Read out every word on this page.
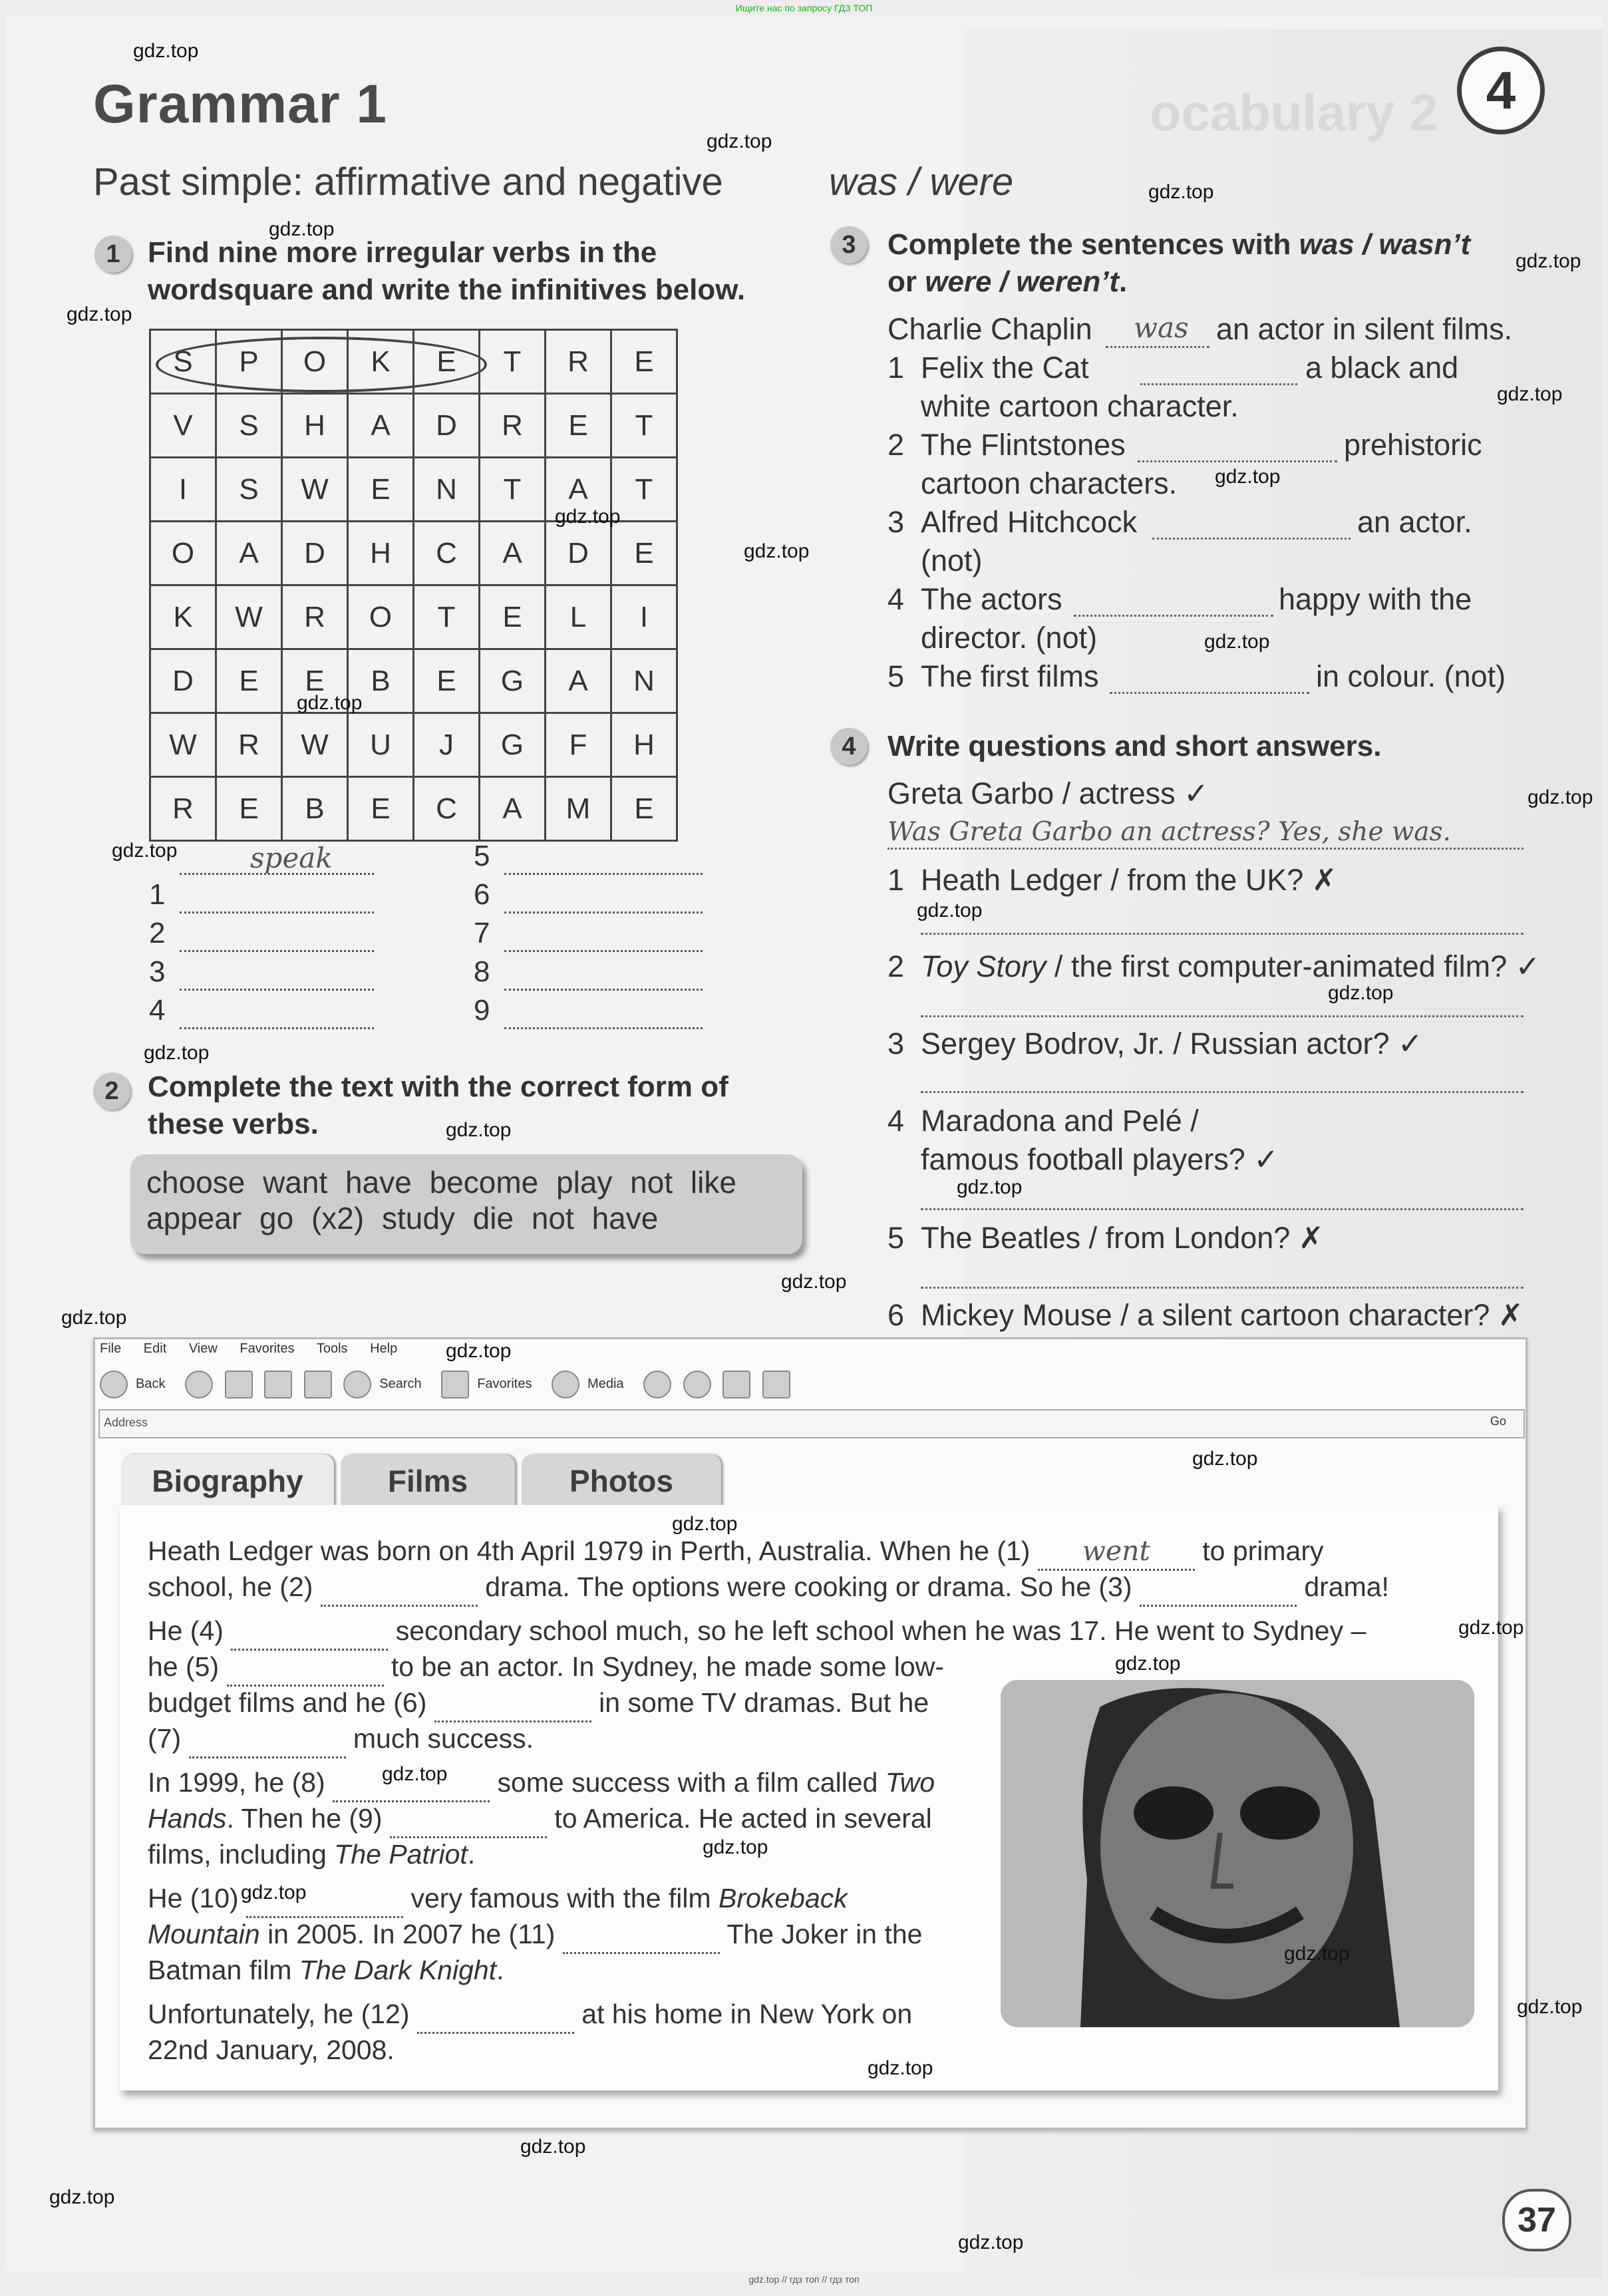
Ищите нас по запросу ГДЗ ТОП
ocabulary 2
Grammar 1	4
Past simple: affirmative and negative	was / were
1 Find nine more irregular verbs in the
wordsquare and write the infinitives below.
S	P	O	K	E	T	R	E
V	S	H	A	D	R	E	T
I	S	W	E	N	T	A	T
O	A	D	H	C	A	D	E
K	W	R	O	T	E	L	I
D	E	E	B	E	G	A	N
W	R	W	U	J	G	F	H
R	E	B	E	C	A	M	E
speak
1
2
3
4
5
6
7
8
9
2 Complete the text with the correct form of
these verbs.
choose want have become play not like
appear go (x2) study die not have
3	Complete the sentences with was / wasn’t
or were / weren’t.
Charlie Chaplin was an actor in silent films.
1 Felix the Cat	a black and
white cartoon character.
2 The Flintstones	prehistoric
cartoon characters.
3 Alfred Hitchcock	an actor.
(not)
4 The actors	happy with the
director. (not)
5 The first films	in colour. (not)
4	Write questions and short answers.
Greta Garbo / actress ✓
Was Greta Garbo an actress? Yes, she was.
1 Heath Ledger / from the UK? ✗
2 Toy Story / the first computer-animated film? ✓
3 Sergey Bodrov, Jr. / Russian actor? ✓
4 Maradona and Pelé /
famous football players? ✓
5 The Beatles / from London? ✗
6 Mickey Mouse / a silent cartoon character? ✗
File Edit View Favorites Tools Help
Back	Search	Favorites	Media
Address	Go
Biography	Films	Photos
Heath Ledger was born on 4th April 1979 in Perth, Australia. When he (1) went to primary
school, he (2)	drama. The options were cooking or drama. So he (3)	drama!
He (4)	secondary school much, so he left school when he was 17. He went to Sydney –
he (5)	to be an actor. In Sydney, he made some low-
budget films and he (6)	in some TV dramas. But he
(7)	much success.
In 1999, he (8)	some success with a film called Two
Hands. Then he (9)	to America. He acted in several
films, including The Patriot.
He (10)	very famous with the film Brokeback
Mountain in 2005. In 2007 he (11)	The Joker in the
Batman film The Dark Knight.
Unfortunately, he (12)	at his home in New York on
22nd January, 2008.
37
gdz.top
gdz.top
gdz.top
gdz.top
gdz.top
gdz.top
gdz.top
gdz.top
gdz.top
gdz.top
gdz.top
gdz.top
gdz.top
gdz.top
gdz.top
gdz.top
gdz.top
gdz.top
gdz.top
gdz.top
gdz.top
gdz.top
gdz.top
gdz.top
gdz.top
gdz.top
gdz.top
gdz.top
gdz.top
gdz.top
gdz.top
gdz.top
gdz.top
gdz.top
gdz.top
gdz.top // гдз топ // гдз топ
